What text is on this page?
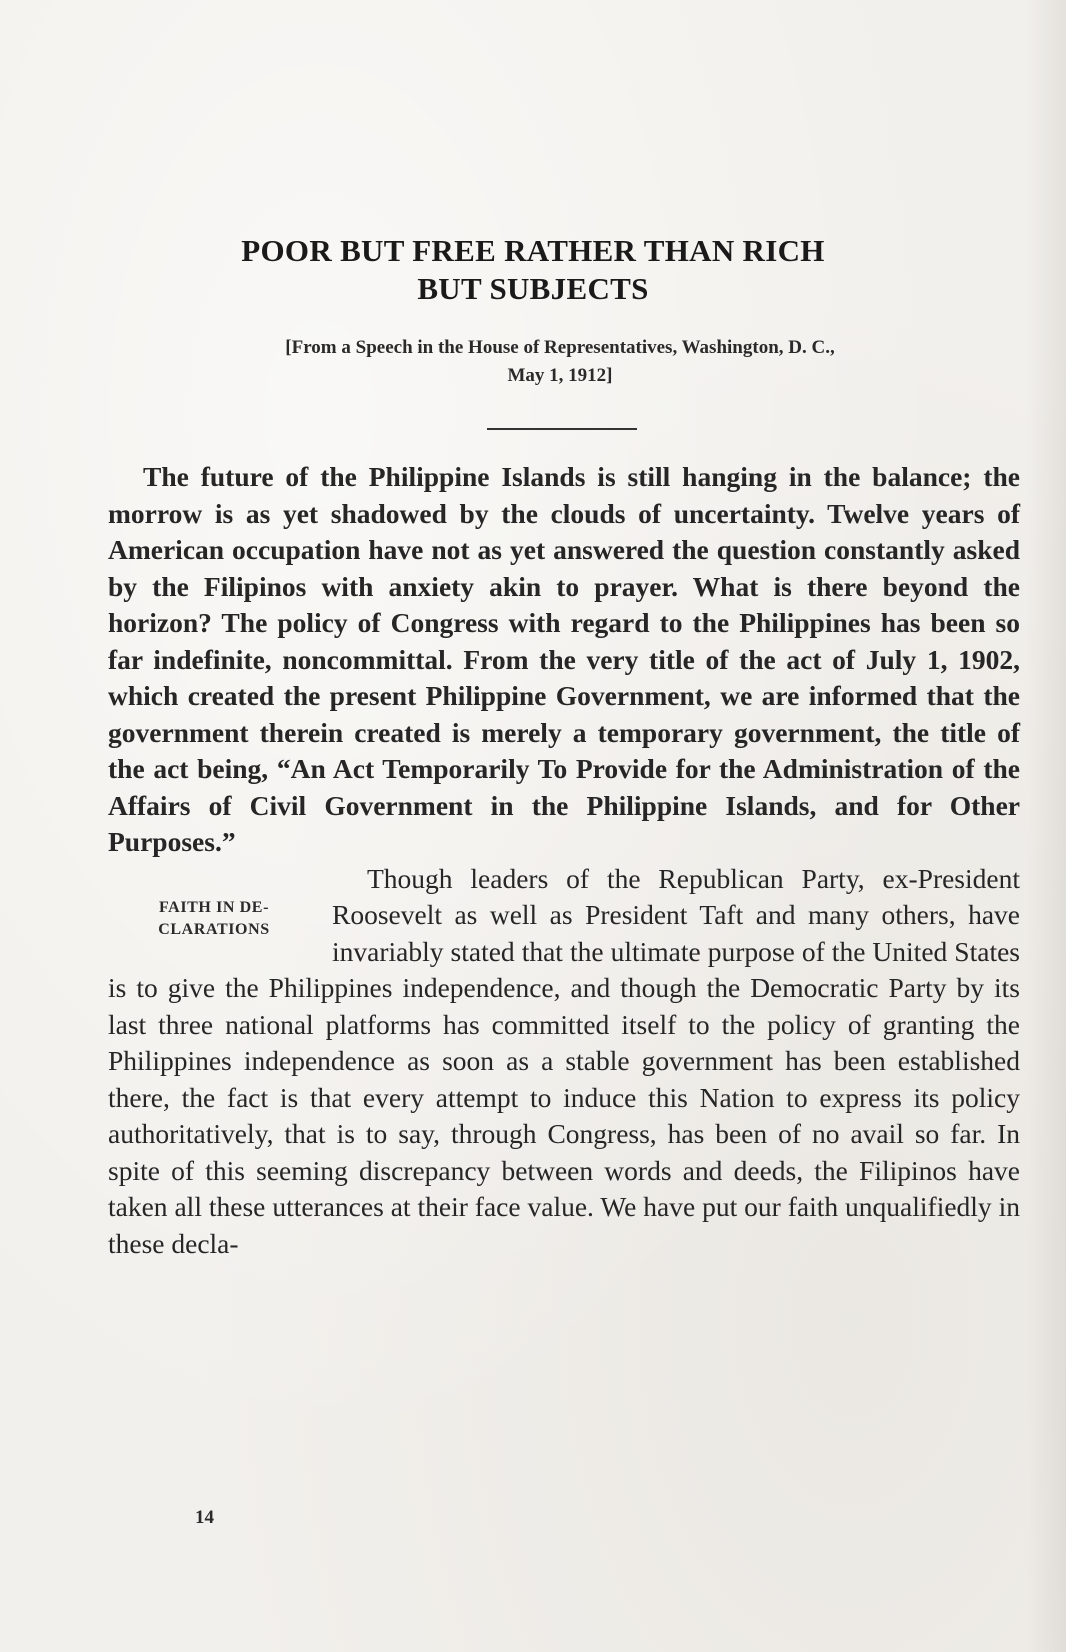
POOR BUT FREE RATHER THAN RICH
BUT SUBJECTS
[From a Speech in the House of Representatives, Washington, D. C.,
May 1, 1912]

The future of the Philippine Islands is still hanging in the balance; the morrow is as yet shadowed by the clouds of uncertainty. Twelve years of American occupation have not as yet answered the question constantly asked by the Filipinos with anxiety akin to prayer. What is there beyond the horizon? The policy of Congress with regard to the Philippines has been so far indefinite, noncommittal. From the very title of the act of July 1, 1902, which created the present Philippine Government, we are informed that the government therein created is merely a temporary government, the title of the act being, “An Act Temporarily To Provide for the Administration of the Affairs of Civil Government in the Philippine Islands, and for Other Purposes.”

FAITH IN DE-
CLARATIONS
Though leaders of the Republican Party, ex-President Roosevelt as well as President Taft and many others, have invariably stated that the ultimate purpose of the United States is to give the Philippines independence, and though the Democratic Party by its last three national platforms has committed itself to the policy of granting the Philippines independence as soon as a stable government has been established there, the fact is that every attempt to induce this Nation to express its policy authoritatively, that is to say, through Congress, has been of no avail so far. In spite of this seeming discrepancy between words and deeds, the Filipinos have taken all these utterances at their face value. We have put our faith unqualifiedly in these decla-
14
